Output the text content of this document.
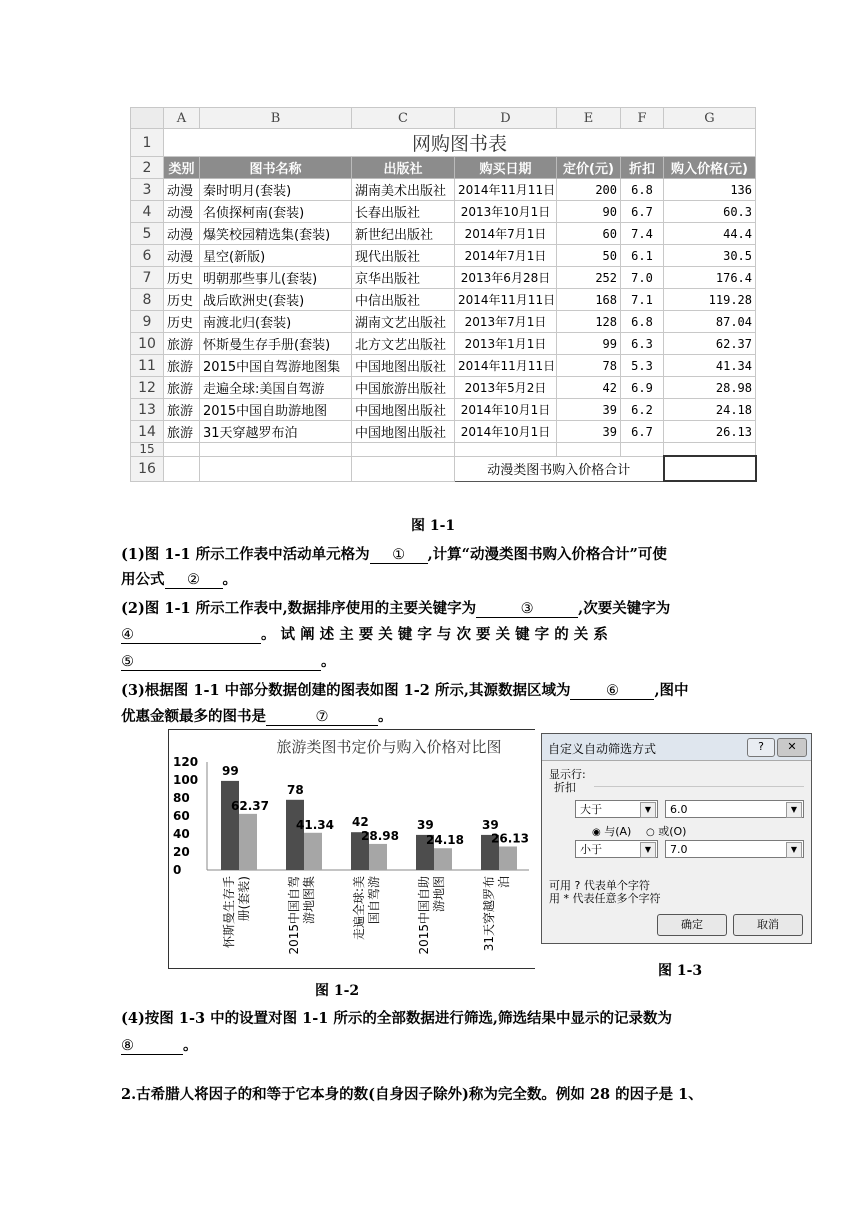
	A	B	C	D	E	F	G
1	网购图书表						
2	类别	图书名称	出版社	购买日期	定价(元)	折扣	购入价格(元)
3	动漫	秦时明月(套装)	湖南美术出版社	2014年11月11日	200	6.8	136
4	动漫	名侦探柯南(套装)	长春出版社	2013年10月1日	90	6.7	60.3
5	动漫	爆笑校园精选集(套装)	新世纪出版社	2014年7月1日	60	7.4	44.4
6	动漫	星空(新版)	现代出版社	2014年7月1日	50	6.1	30.5
7	历史	明朝那些事儿(套装)	京华出版社	2013年6月28日	252	7.0	176.4
8	历史	战后欧洲史(套装)	中信出版社	2014年11月11日	168	7.1	119.28
9	历史	南渡北归(套装)	湖南文艺出版社	2013年7月1日	128	6.8	87.04
10	旅游	怀斯曼生存手册(套装)	北方文艺出版社	2013年1月1日	99	6.3	62.37
11	旅游	2015中国自驾游地图集	中国地图出版社	2014年11月11日	78	5.3	41.34
12	旅游	走遍全球:美国自驾游	中国旅游出版社	2013年5月2日	42	6.9	28.98
13	旅游	2015中国自助游地图	中国地图出版社	2014年10月1日	39	6.2	24.18
14	旅游	31天穿越罗布泊	中国地图出版社	2014年10月1日	39	6.7	26.13
15							
16				动漫类图书购入价格合计			
图 1-1
(1)图 1-1 所示工作表中活动单元格为 ① ,计算“动漫类图书购入价格合计”可使
用公式 ② 。
(2)图 1-1 所示工作表中,数据排序使用的主要关键字为	③	,次要关键字为
④	。 试 阐 述 主 要 关 键 字 与 次 要 关 键 字 的 关 系
⑤	。
(3)根据图 1-1 中部分数据创建的图表如图 1-2 所示,其源数据区域为 ⑥ ,图中
优惠金额最多的图书是	⑦	。
旅游类图书定价与购入价格对比图
120
100
80
60
40
20
0
99
62.37
怀斯曼生存手 册(套装)
78
41.34
2015中国自驾 游地图集
42
28.98
走遍全球:美 国自驾游
39
24.18
2015中国自助 游地图
39
26.13
31天穿越罗布 泊
图 1-2
自定义自动筛选方式	?	✕
显示行:
折扣
大于	▼	6.0	▼
◉ 与(A) ○ 或(O)
小于	▼	7.0	▼
可用 ? 代表单个字符
用 * 代表任意多个字符
确定	取消
图 1-3
(4)按图 1-3 中的设置对图 1-1 所示的全部数据进行筛选,筛选结果中显示的记录数为
⑧	。
2.古希腊人将因子的和等于它本身的数(自身因子除外)称为完全数。例如 28 的因子是 1、
